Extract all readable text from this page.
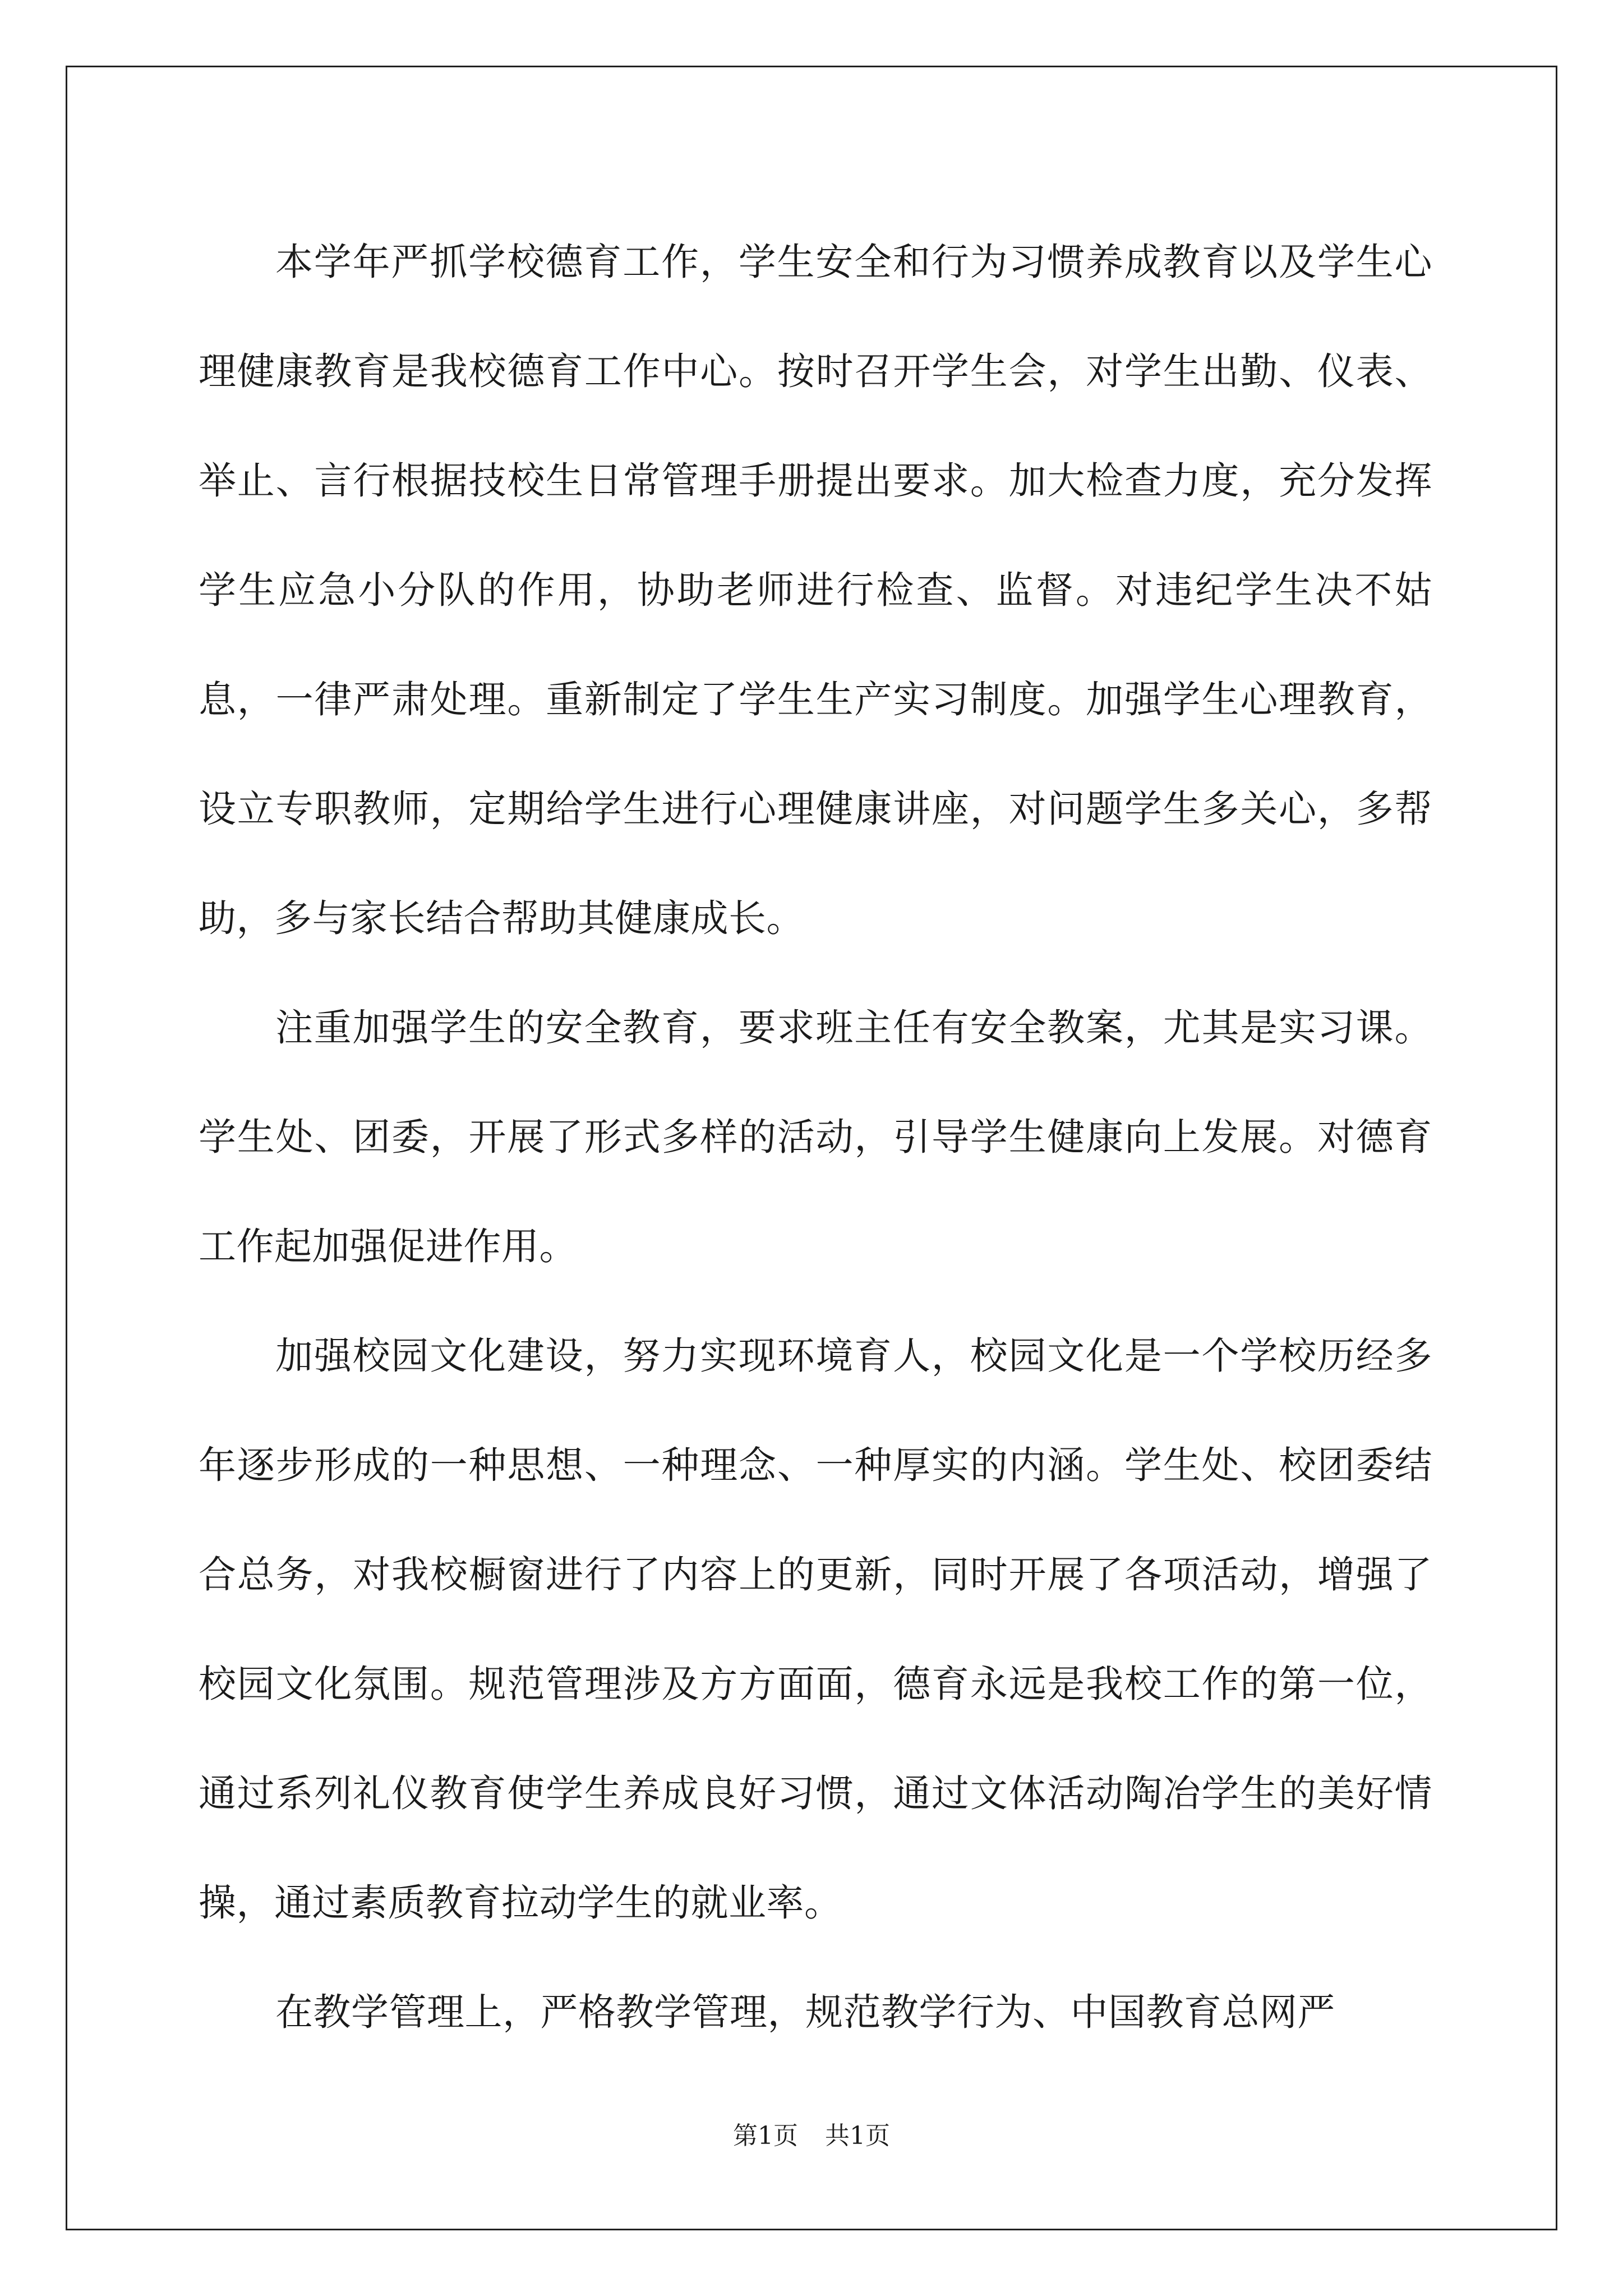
本学年严抓学校德育工作，学生安全和行为习惯养成教育以及学生心理健康教育是我校德育工作中心。按时召开学生会，对学生出勤、仪表、举止、言行根据技校生日常管理手册提出要求。加大检查力度，充分发挥学生应急小分队的作用，协助老师进行检查、监督。对违纪学生决不姑息，一律严肃处理。重新制定了学生生产实习制度。加强学生心理教育，设立专职教师，定期给学生进行心理健康讲座，对问题学生多关心，多帮助，多与家长结合帮助其健康成长。

注重加强学生的安全教育，要求班主任有安全教案，尤其是实习课。学生处、团委，开展了形式多样的活动，引导学生健康向上发展。对德育工作起加强促进作用。

加强校园文化建设，努力实现环境育人，校园文化是一个学校历经多年逐步形成的一种思想、一种理念、一种厚实的内涵。学生处、校团委结合总务，对我校橱窗进行了内容上的更新，同时开展了各项活动，增强了校园文化氛围。规范管理涉及方方面面，德育永远是我校工作的第一位，通过系列礼仪教育使学生养成良好习惯，通过文体活动陶冶学生的美好情操，通过素质教育拉动学生的就业率。

在教学管理上，严格教学管理，规范教学行为、中国教育总网严

第1页 共1页
